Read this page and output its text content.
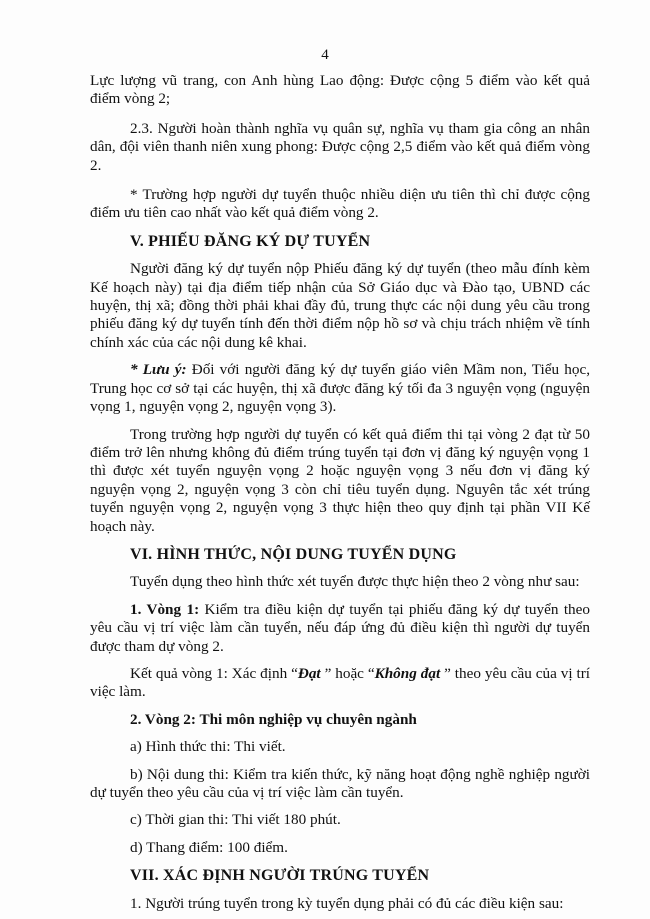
4

Lực lượng vũ trang, con Anh hùng Lao động: Được cộng 5 điểm vào kết quả điểm vòng 2;

2.3. Người hoàn thành nghĩa vụ quân sự, nghĩa vụ tham gia công an nhân dân, đội viên thanh niên xung phong: Được cộng 2,5 điểm vào kết quả điểm vòng 2.

* Trường hợp người dự tuyển thuộc nhiều diện ưu tiên thì chỉ được cộng điểm ưu tiên cao nhất vào kết quả điểm vòng 2.

V. PHIẾU ĐĂNG KÝ DỰ TUYỂN

Người đăng ký dự tuyển nộp Phiếu đăng ký dự tuyển (theo mẫu đính kèm Kế hoạch này) tại địa điểm tiếp nhận của Sở Giáo dục và Đào tạo, UBND các huyện, thị xã; đồng thời phải khai đầy đủ, trung thực các nội dung yêu cầu trong phiếu đăng ký dự tuyển tính đến thời điểm nộp hồ sơ và chịu trách nhiệm về tính chính xác của các nội dung kê khai.

* Lưu ý: Đối với người đăng ký dự tuyển giáo viên Mầm non, Tiểu học, Trung học cơ sở tại các huyện, thị xã được đăng ký tối đa 3 nguyện vọng (nguyện vọng 1, nguyện vọng 2, nguyện vọng 3).

Trong trường hợp người dự tuyển có kết quả điểm thi tại vòng 2 đạt từ 50 điểm trở lên nhưng không đủ điểm trúng tuyển tại đơn vị đăng ký nguyện vọng 1 thì được xét tuyển nguyện vọng 2 hoặc nguyện vọng 3 nếu đơn vị đăng ký nguyện vọng 2, nguyện vọng 3 còn chỉ tiêu tuyển dụng. Nguyên tắc xét trúng tuyển nguyện vọng 2, nguyện vọng 3 thực hiện theo quy định tại phần VII Kế hoạch này.

VI. HÌNH THỨC, NỘI DUNG TUYỂN DỤNG

Tuyển dụng theo hình thức xét tuyển được thực hiện theo 2 vòng như sau:

1. Vòng 1: Kiểm tra điều kiện dự tuyển tại phiếu đăng ký dự tuyển theo yêu cầu vị trí việc làm cần tuyển, nếu đáp ứng đủ điều kiện thì người dự tuyển được tham dự vòng 2.

Kết quả vòng 1: Xác định “Đạt ” hoặc “Không đạt ” theo yêu cầu của vị trí việc làm.

2. Vòng 2: Thi môn nghiệp vụ chuyên ngành

a) Hình thức thi: Thi viết.

b) Nội dung thi: Kiểm tra kiến thức, kỹ năng hoạt động nghề nghiệp người dự tuyển theo yêu cầu của vị trí việc làm cần tuyển.

c) Thời gian thi: Thi viết 180 phút.

d) Thang điểm: 100 điểm.

VII. XÁC ĐỊNH NGƯỜI TRÚNG TUYỂN

1. Người trúng tuyển trong kỳ tuyển dụng phải có đủ các điều kiện sau:
